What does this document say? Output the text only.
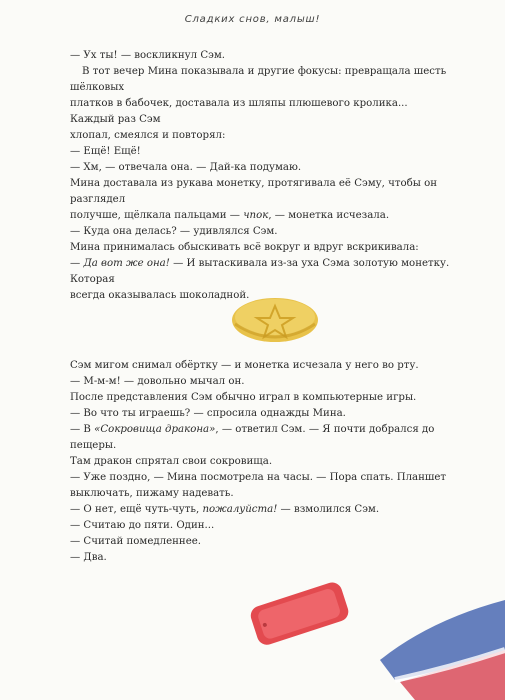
Сладких снов, малыш!

— Ух ты! — воскликнул Сэм.

В тот вечер Мина показывала и другие фокусы: превращала шесть шёлковых

платков в бабочек, доставала из шляпы плюшевого кролика... Каждый раз Сэм

хлопал, смеялся и повторял:

— Ещё! Ещё!

— Хм, — отвечала она. — Дай-ка подумаю.

Мина доставала из рукава монетку, протягивала её Сэму, чтобы он разглядел

получше, щёлкала пальцами — чпок, — монетка исчезала.

— Куда она делась? — удивлялся Сэм.

Мина принималась обыскивать всё вокруг и вдруг вскрикивала:

— Да вот же она! — И вытаскивала из-за уха Сэма золотую монетку. Которая

всегда оказывалась шоколадной.

Сэм мигом снимал обёртку — и монетка исчезала у него во рту.

— М-м-м! — довольно мычал он.

После представления Сэм обычно играл в компьютерные игры.

— Во что ты играешь? — спросила однажды Мина.

— В «Сокровища дракона», — ответил Сэм. — Я почти добрался до пещеры.

Там дракон спрятал свои сокровища.

— Уже поздно, — Мина посмотрела на часы. — Пора спать. Планшет

выключать, пижаму надевать.

— О нет, ещё чуть-чуть, пожалуйста! — взмолился Сэм.

— Считаю до пяти. Один...

— Считай помедленнее.

— Два.
